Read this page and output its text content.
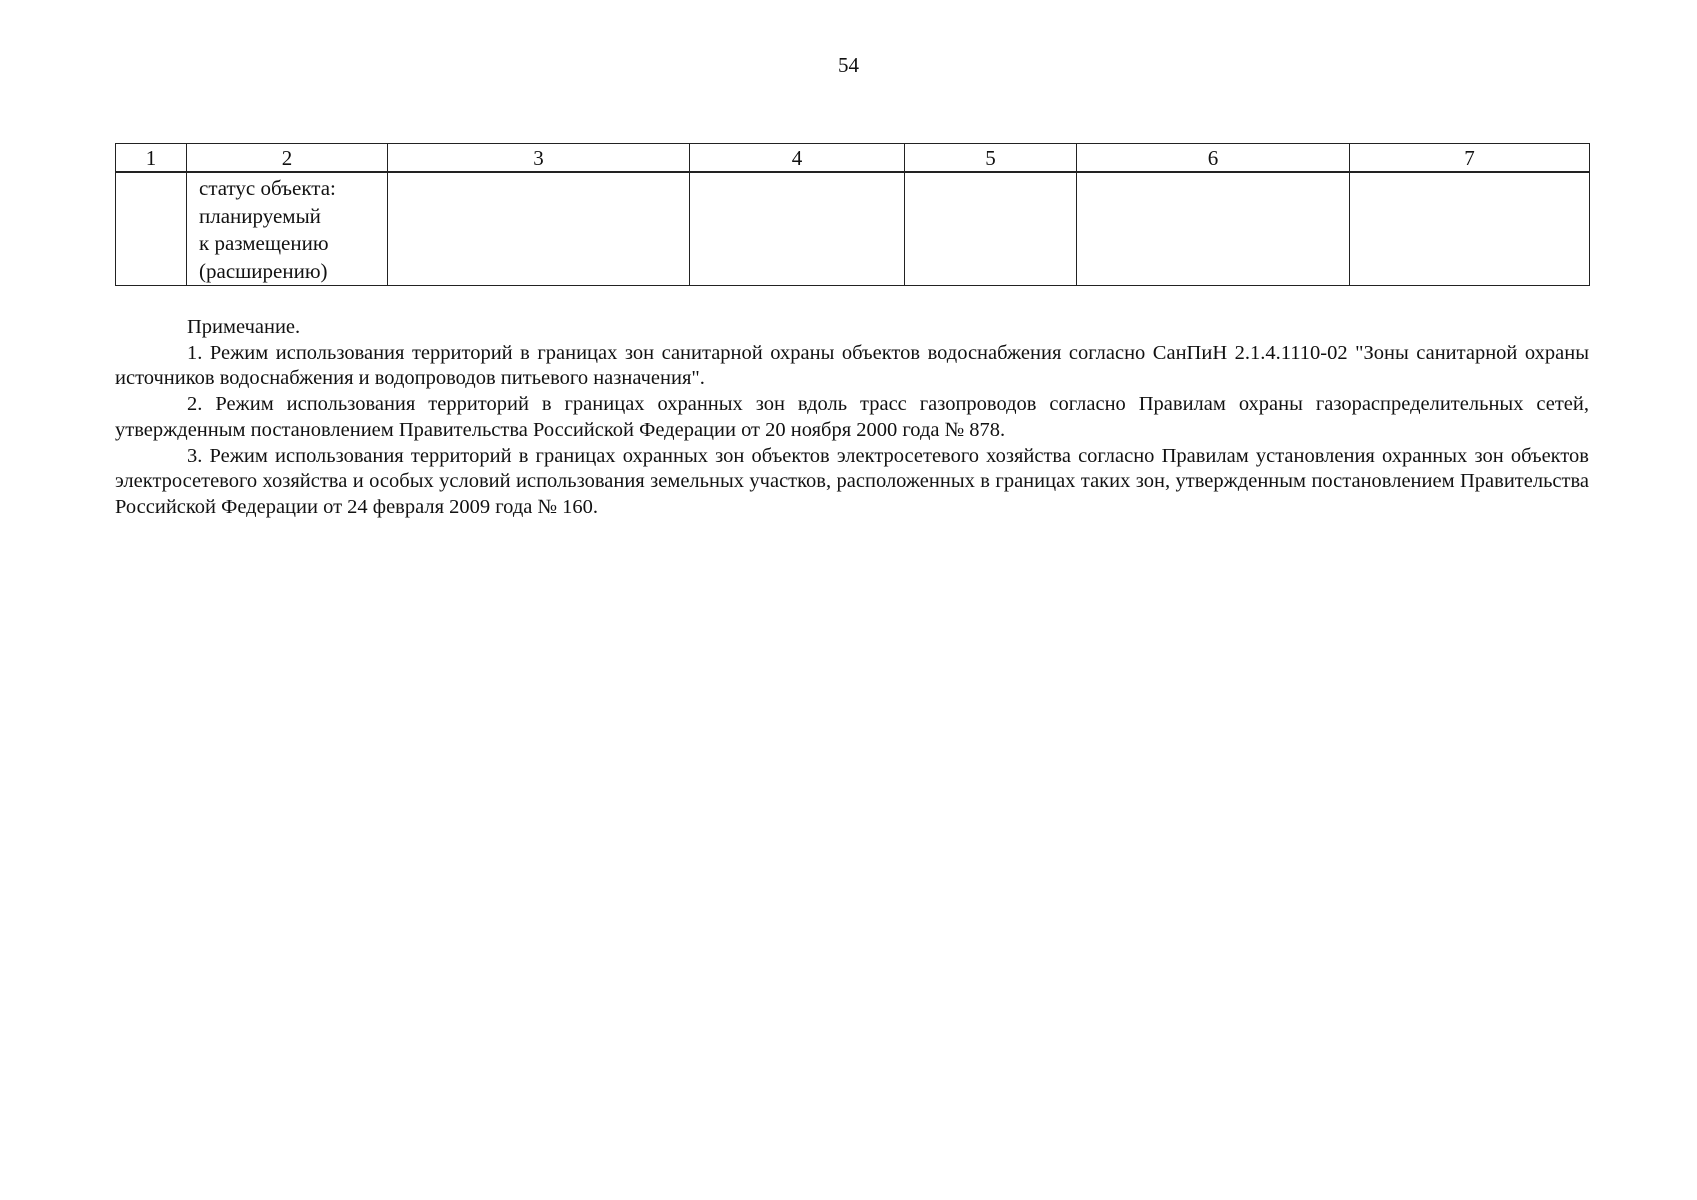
54
1	2	3	4	5	6	7

	статус объекта:
планируемый
к размещению
(расширению)					

Примечание.

1. Режим использования территорий в границах зон санитарной охраны объектов водоснабжения согласно СанПиН 2.1.4.1110-02 "Зоны санитарной охраны источников водоснабжения и водопроводов питьевого назначения".

2. Режим использования территорий в границах охранных зон вдоль трасс газопроводов согласно Правилам охраны газораспределительных сетей, утвержденным постановлением Правительства Российской Федерации от 20 ноября 2000 года № 878.

3. Режим использования территорий в границах охранных зон объектов электросетевого хозяйства согласно Правилам установления охранных зон объектов электросетевого хозяйства и особых условий использования земельных участков, расположенных в границах таких зон, утвержденным постановлением Правительства Российской Федерации от 24 февраля 2009 года № 160.
